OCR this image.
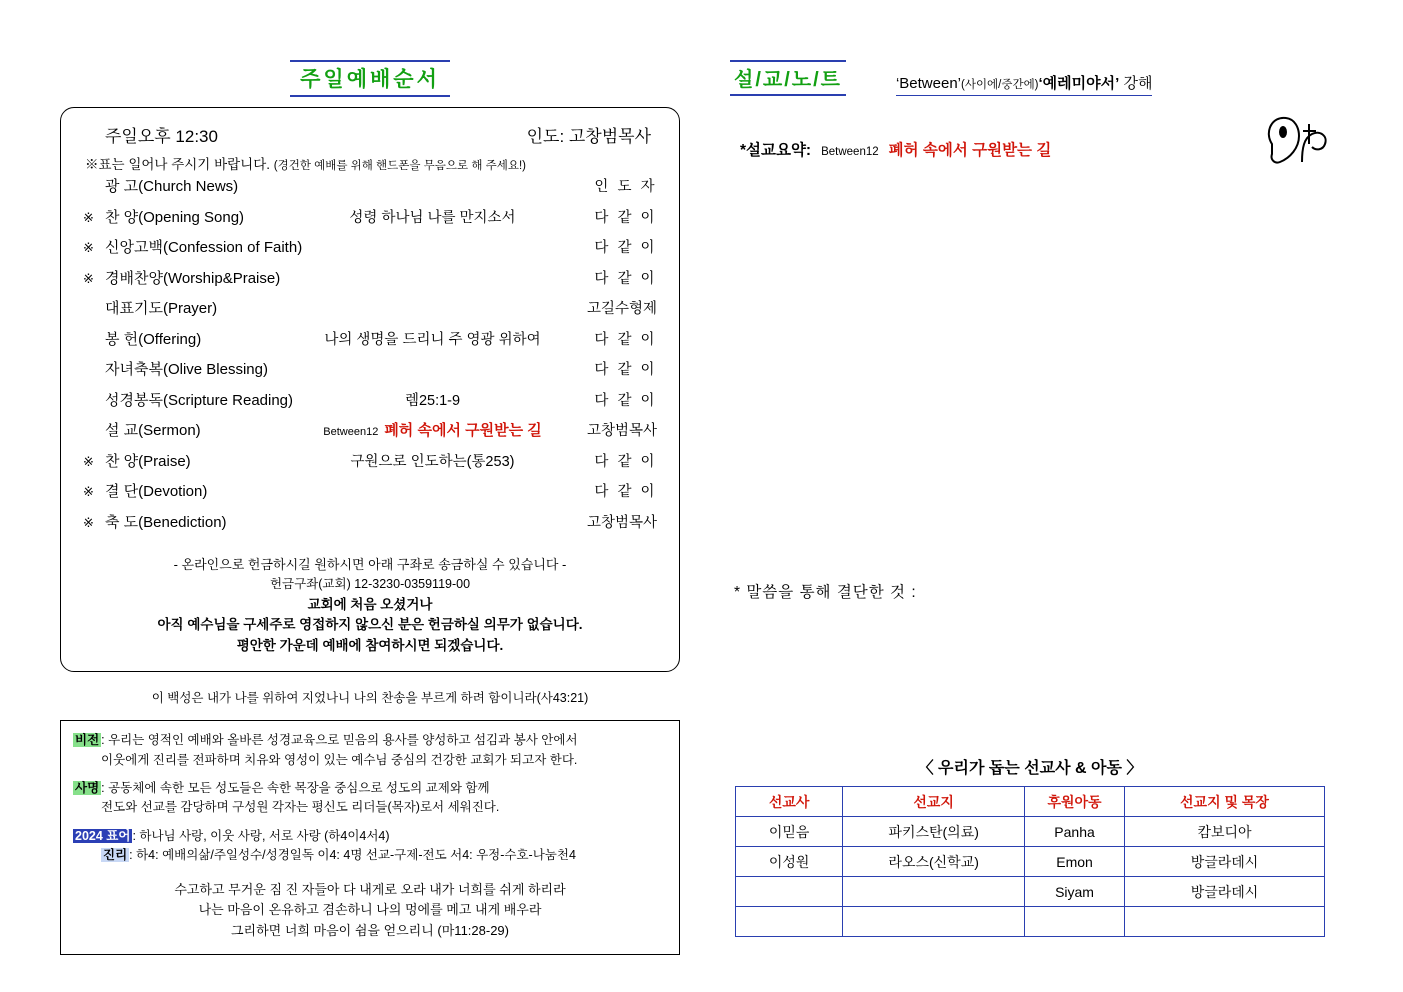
주일예배순서
주일오후 12:30	인도: 고창범목사
※표는 일어나 주시기 바랍니다. (경건한 예배를 위해 핸드폰을 무음으로 해 주세요!)
광 고(Church News)	인 도 자
※ 찬 양(Opening Song)	성령 하나님 나를 만지소서	다 같 이
※ 신앙고백(Confession of Faith)	다 같 이
※ 경배찬양(Worship&Praise)	다 같 이
대표기도(Prayer)	고길수형제
봉 헌(Offering)	나의 생명을 드리니 주 영광 위하여	다 같 이
자녀축복(Olive Blessing)	다 같 이
성경봉독(Scripture Reading)	렘25:1-9	다 같 이
설 교(Sermon)	Between12 폐허 속에서 구원받는 길	고창범목사
※ 찬 양(Praise)	구원으로 인도하는(통253)	다 같 이
※ 결 단(Devotion)	다 같 이
※ 축 도(Benediction)	고창범목사
- 온라인으로 헌금하시길 원하시면 아래 구좌로 송금하실 수 있습니다 -
헌금구좌(교회) 12-3230-0359119-00
교회에 처음 오셨거나
아직 예수님을 구세주로 영접하지 않으신 분은 헌금하실 의무가 없습니다.
평안한 가운데 예배에 참여하시면 되겠습니다.
이 백성은 내가 나를 위하여 지었나니 나의 찬송을 부르게 하려 함이니라(사43:21)
비전 : 우리는 영적인 예배와 올바른 성경교육으로 믿음의 용사를 양성하고 섬김과 봉사 안에서
이웃에게 진리를 전파하며 치유와 영성이 있는 예수님 중심의 건강한 교회가 되고자 한다.
사명 : 공동체에 속한 모든 성도들은 속한 목장을 중심으로 성도의 교제와 함께
전도와 선교를 감당하며 구성원 각자는 평신도 리더들(목자)로서 세워진다.
2024 표어 : 하나님 사랑, 이웃 사랑, 서로 사랑 (하4이4서4)
진리 : 하4: 예배의삶/주일성수/성경일독 이4: 4명 선교-구제-전도 서4: 우정-수호-나눔천4
수고하고 무거운 짐 진 자들아 다 내게로 오라 내가 너희를 쉬게 하리라
나는 마음이 온유하고 겸손하니 나의 멍에를 메고 내게 배우라
그리하면 너희 마음이 쉼을 얻으리니 (마11:28-29)
설/교/노/트	‘Between’(사이에/중간에)‘예레미야서’ 강해
*설교요약: Between12 폐허 속에서 구원받는 길
* 말씀을 통해 결단한 것 :
〈 우리가 돕는 선교사 & 아동 〉
선교사	선교지	후원아동	선교지 및 목장
이믿음	파키스탄(의료)	Panha	캄보디아
이성원	라오스(신학교)	Emon	방글라데시
		Siyam	방글라데시
